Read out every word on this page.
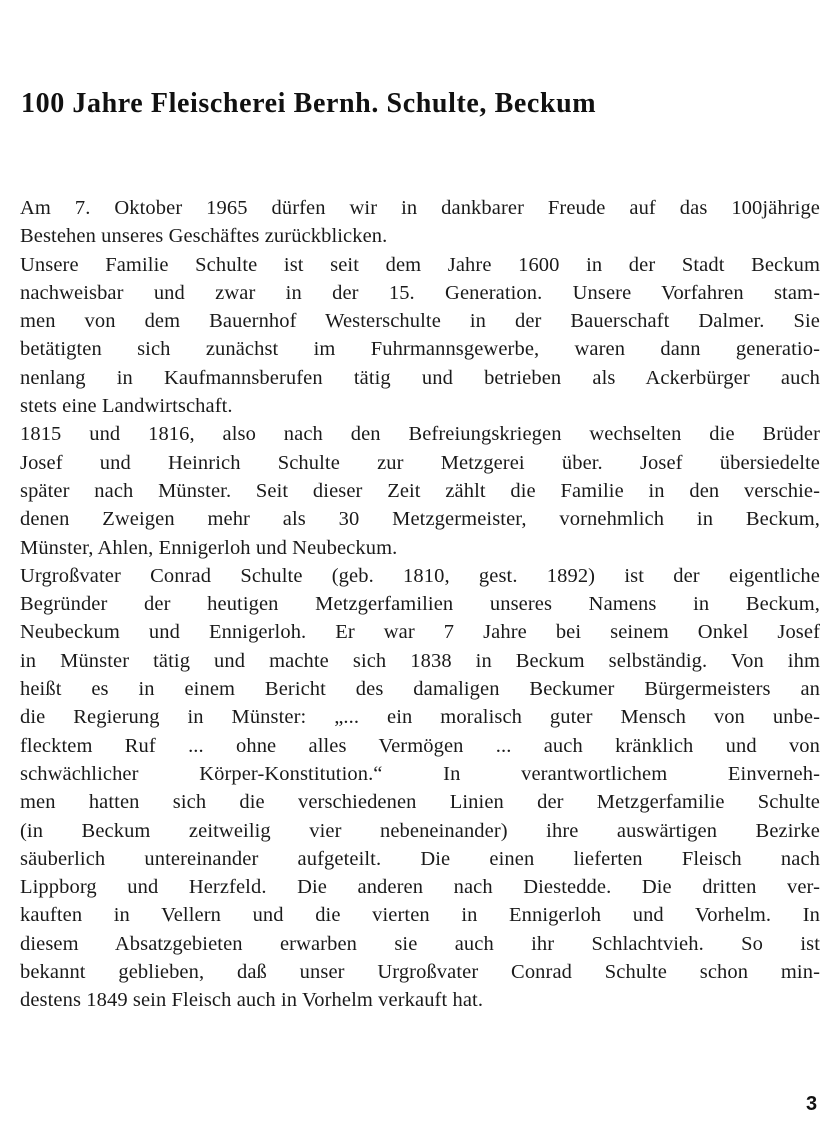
100 Jahre Fleischerei Bernh. Schulte, Beckum
Am 7. Oktober 1965 dürfen wir in dankbarer Freude auf das 100jährige
Bestehen unseres Geschäftes zurückblicken.
Unsere Familie Schulte ist seit dem Jahre 1600 in der Stadt Beckum
nachweisbar und zwar in der 15. Generation. Unsere Vorfahren stam-
men von dem Bauernhof Westerschulte in der Bauerschaft Dalmer. Sie
betätigten sich zunächst im Fuhrmannsgewerbe, waren dann generatio-
nenlang in Kaufmannsberufen tätig und betrieben als Ackerbürger auch
stets eine Landwirtschaft.
1815 und 1816, also nach den Befreiungskriegen wechselten die Brüder
Josef und Heinrich Schulte zur Metzgerei über. Josef übersiedelte
später nach Münster. Seit dieser Zeit zählt die Familie in den verschie-
denen Zweigen mehr als 30 Metzgermeister, vornehmlich in Beckum,
Münster, Ahlen, Ennigerloh und Neubeckum.
Urgroßvater Conrad Schulte (geb. 1810, gest. 1892) ist der eigentliche
Begründer der heutigen Metzgerfamilien unseres Namens in Beckum,
Neubeckum und Ennigerloh. Er war 7 Jahre bei seinem Onkel Josef
in Münster tätig und machte sich 1838 in Beckum selbständig. Von ihm
heißt es in einem Bericht des damaligen Beckumer Bürgermeisters an
die Regierung in Münster: „... ein moralisch guter Mensch von unbe-
flecktem Ruf ... ohne alles Vermögen ... auch kränklich und von
schwächlicher Körper-Konstitution.“ In verantwortlichem Einverneh-
men hatten sich die verschiedenen Linien der Metzgerfamilie Schulte
(in Beckum zeitweilig vier nebeneinander) ihre auswärtigen Bezirke
säuberlich untereinander aufgeteilt. Die einen lieferten Fleisch nach
Lippborg und Herzfeld. Die anderen nach Diestedde. Die dritten ver-
kauften in Vellern und die vierten in Ennigerloh und Vorhelm. In
diesem Absatzgebieten erwarben sie auch ihr Schlachtvieh. So ist
bekannt geblieben, daß unser Urgroßvater Conrad Schulte schon min-
destens 1849 sein Fleisch auch in Vorhelm verkauft hat.
3
